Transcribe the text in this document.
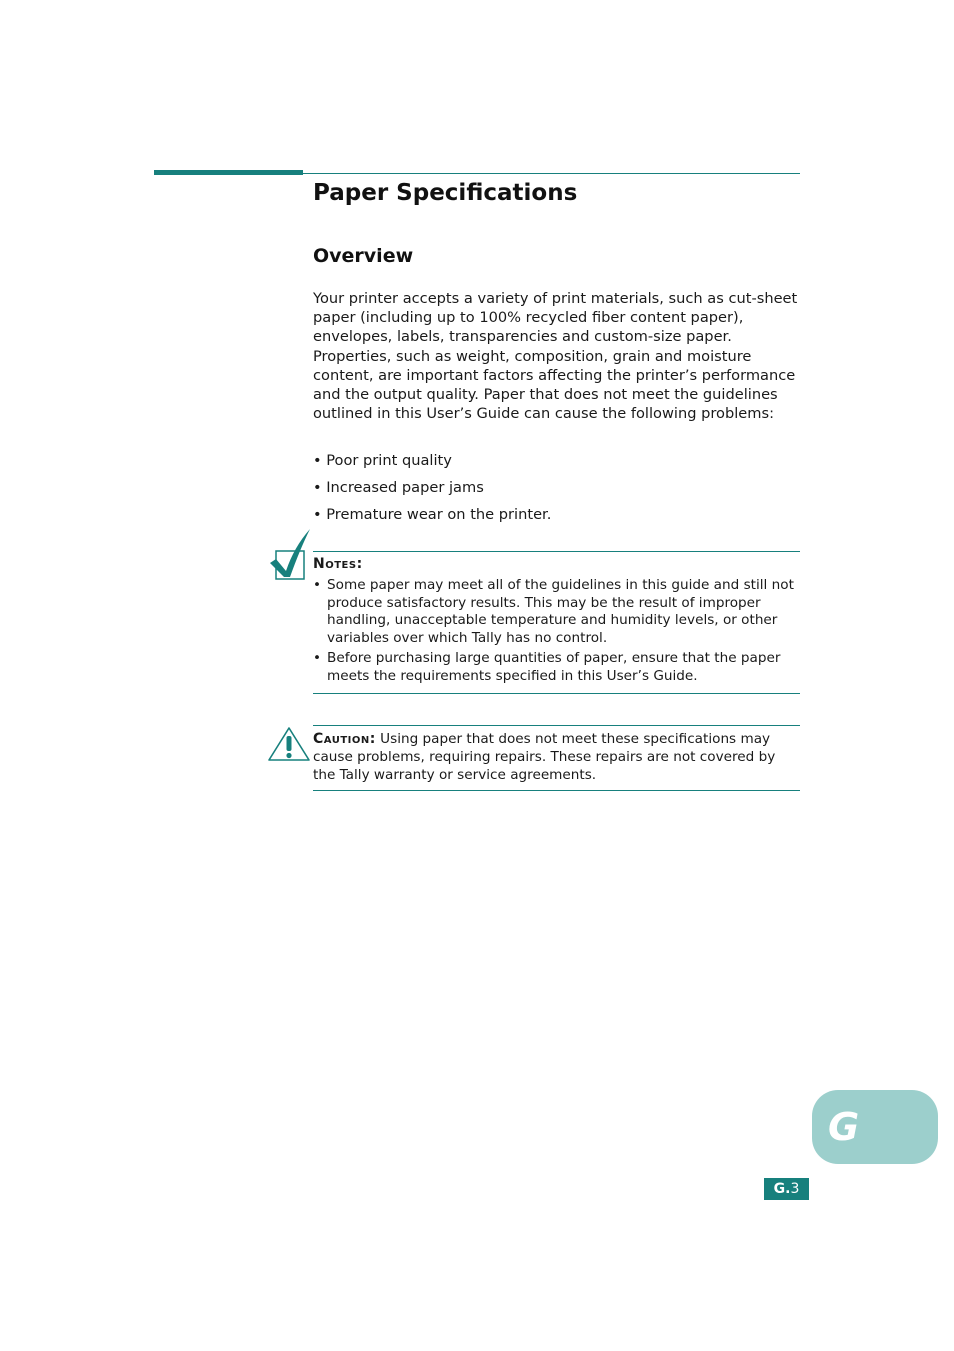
Paper Specifications
Overview

Your printer accepts a variety of print materials, such as cut-sheet paper (including up to 100% recycled fiber content paper), envelopes, labels, transparencies and custom-size paper. Properties, such as weight, composition, grain and moisture content, are important factors affecting the printer’s performance and the output quality. Paper that does not meet the guidelines outlined in this User’s Guide can cause the following problems:

• Poor print quality
• Increased paper jams
• Premature wear on the printer.

Notes:

• Some paper may meet all of the guidelines in this guide and still not produce satisfactory results. This may be the result of improper handling, unacceptable temperature and humidity levels, or other variables over which Tally has no control.
• Before purchasing large quantities of paper, ensure that the paper meets the requirements specified in this User’s Guide.

Caution: Using paper that does not meet these specifications may cause problems, requiring repairs. These repairs are not covered by the Tally warranty or service agreements.

G
G.3
